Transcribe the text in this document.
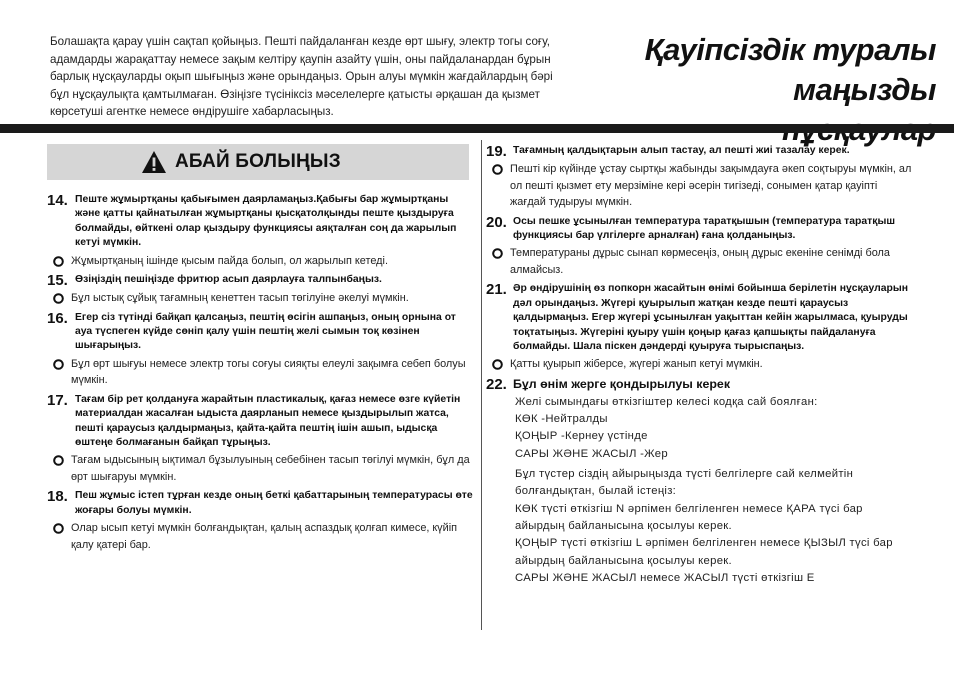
Болашақта қарау үшін сақтап қойыңыз. Пешті пайдаланған кезде өрт шығу, электр тогы соғу,
адамдарды жарақаттау немесе зақым келтіру қаупін азайту үшін, оны пайдаланардан бұрын
барлық нұсқауларды оқып шығыңыз және орындаңыз. Орын алуы мүмкін жағдайлардың бәрі
бұл нұсқаулықта қамтылмаған. Өзіңізге түсініксіз мәселелерге қатысты әрқашан да қызмет
көрсетуші агентке немесе өндірушіге хабарласыңыз.
Қауіпсіздік туралы
маңызды
АБАЙ БОЛЫҢЫЗ
14. Пеште жұмыртқаны қабығымен даярламаңыз.Қабығы бар жұмыртқаны және қатты қайнатылған жұмыртқаны қысқатолқынды пеште қыздыруға болмайды, өйткені олар қыздыру функциясы аяқталған соң да жарылып кетуі мүмкін.
Жұмыртқаның ішінде қысым пайда болып, ол жарылып кетеді.
15. Өзіңіздің пешіңізде фритюр асып даярлауға талпынбаңыз.
Бұл ыстық сұйық тағамның кенеттен тасып төгілуіне әкелуі мүмкін.
16. Егер сіз түтінді байқап қалсаңыз, пештің өсігін ашпаңыз, оның орнына от ауа түспеген күйде сөніп қалу үшін пештің желі сымын тоқ көзінен шығарыңыз.
Бұл өрт шығуы немесе электр тогы соғуы сияқты елеулі зақымға себеп болуы мүмкін.
17. Тағам бір рет қолдануға жарайтын пластикалық, қағаз немесе өзге күйетін материалдан жасалған ыдыста даярланып немесе қыздырылып жатса, пешті қараусыз қалдырмаңыз, қайта-қайта пештің ішін ашып, ыдысқа өштеңе болмағанын байқап тұрыңыз.
Тағам ыдысының ықтимал бұзылуының себебінен тасып төгілуі мүмкін, бұл да өрт шығаруы мүмкін.
18. Пеш жұмыс істеп тұрған кезде оның беткі қабаттарының температурасы өте жоғары болуы мүмкін.
Олар ысып кетуі мүмкін болғандықтан, қалың аспаздық қолғап кимесе, күйіп қалу қатері бар.
19. Тағамның қалдықтарын алып тастау, ал пешті жиі тазалау керек.
Пешті кір күйінде ұстау сыртқы жабынды зақымдауға әкеп соқтыруы мүмкін, ал ол пешті қызмет ету мерзіміне кері әсерін тигізеді, сонымен қатар қауіпті жағдай тудыруы мүмкін.
20. Осы пешке ұсынылған температура таратқышын (температура таратқыш функциясы бар үлгілерге арналған) ғана қолданыңыз.
Температураны дұрыс сынап көрмесеңіз, оның дұрыс екеніне сенімді бола алмайсыз.
21. Әр өндірушінің өз попкорн жасайтын өнімі бойынша берілетін нұсқауларын дәл орындаңыз. Жүгері қуырылып жатқан кезде пешті қараусыз қалдырмаңыз. Егер жүгері ұсынылған уақыттан кейін жарылмаса, қуыруды тоқтатыңыз. Жүгеріні қуыру үшін қоңыр қағаз қапшықты пайдалануға болмайды. Шала піскен дәндерді қуыруға тырыспаңыз.
Қатты қуырып жіберсе, жүгері жанып кетуі мүмкін.
22. Бұл өнім жерге қондырылуы керек
Желі сымындағы өткізгіштер келесі кодқа сай боялған:
КӨК -Нейтралды
ҚОҢЫР -Кернеу үстінде
САРЫ ЖӘНЕ ЖАСЫЛ -Жер
Бұл түстер сіздің айырыңызда түсті белгілерге сай келмейтін болғандықтан, былай істеңіз:
КӨК түсті өткізгіш N әрпімен белгіленген немесе ҚАРА түсі бар айырдың байланысына қосылуы керек.
ҚОҢЫР түсті өткізгіш L әрпімен белгіленген немесе ҚЫЗЫЛ түсі бар айырдың байланысына қосылуы керек.
САРЫ ЖӘНЕ ЖАСЫЛ немесе ЖАСЫЛ түсті өткізгіш E
